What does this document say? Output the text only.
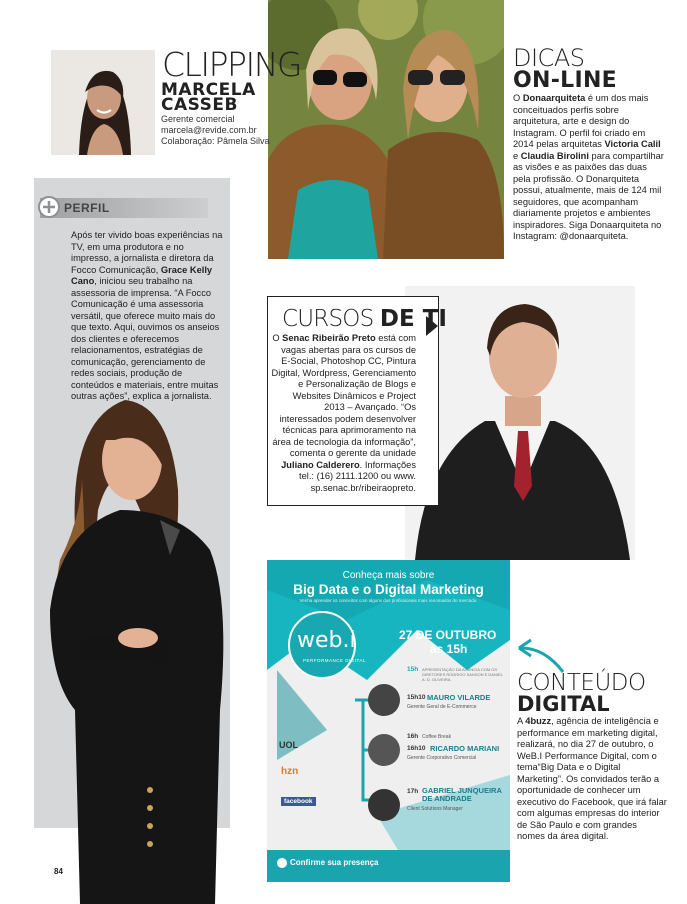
CLIPPING
MARCELA
CASSEB
Gerente comercial
marcela@revide.com.br
Colaboração: Pâmela Silva
PERFIL
Após ter vivido boas experiências na TV, em uma produtora e no impresso, a jornalista e diretora da Focco Comunicação, Grace Kelly Cano, iniciou seu trabalho na assessoria de imprensa. “A Focco Comunicação é uma assessoria versátil, que oferece muito mais do que texto. Aqui, ouvimos os anseios dos clientes e oferecemos relacionamentos, estratégias de comunicação, gerenciamento de redes sociais, produção de conteúdos e materiais, entre muitas outras ações”, explica a jornalista.
DICAS
ON-LINE
O Donaarquiteta é um dos mais conceituados perfis sobre arquitetura, arte e design do Instagram. O perfil foi criado em 2014 pelas arquitetas Victoria Calil e Claudia Birolini para compartilhar as visões e as paixões das duas pela profissão. O Donarquiteta possui, atualmente, mais de 124 mil seguidores, que acompanham diariamente projetos e ambientes inspiradores. Siga Donaarquiteta no Instagram: @donaarquiteta.
CURSOS DE TI
O Senac Ribeirão Preto está com vagas abertas para os cursos de E-Social, Photoshop CC, Pintura Digital, Wordpress, Gerenciamento e Personalização de Blogs e Websites Dinâmicos e Project 2013 – Avançado. “Os interessados podem desenvolver técnicas para aprimoramento na área de tecnologia da informação”, comenta o gerente da unidade Juliano Calderero. Informações tel.: (16) 2111.1200 ou www. sp.senac.br/ribeiraopreto.
Conheça mais sobre
Big Data e o Digital Marketing
Venha aprender os conceitos com alguns dos profissionais mais renomados do mercado.
web.i
PERFORMANCE DIGITAL
27 DE OUTUBRO
às 15h
15h APRESENTAÇÃO DA AGÊNCIA COM OS DIRETORES RODRIGO SANSON E DANIEL A. D. OLIVEIRA.
15h10 MAURO VILARDE
Gerente Geral de E-Commerce
16h Coffee Break
16h10 RICARDO MARIANI
Gerente Corporativo Comercial
17h GABRIEL JUNQUEIRA DE ANDRADE
Client Solutions Manager
UOL
hzn
facebook
Confirme sua presença
CONTEÚDO
DIGITAL
A 4buzz, agência de inteligência e performance em marketing digital, realizará, no dia 27 de outubro, o WeB.I Performance Digital, com o tema“Big Data e o Digital Marketing”. Os convidados terão a oportunidade de conhecer um executivo do Facebook, que irá falar com algumas empresas do interior de São Paulo e com grandes nomes da área digital.
84
